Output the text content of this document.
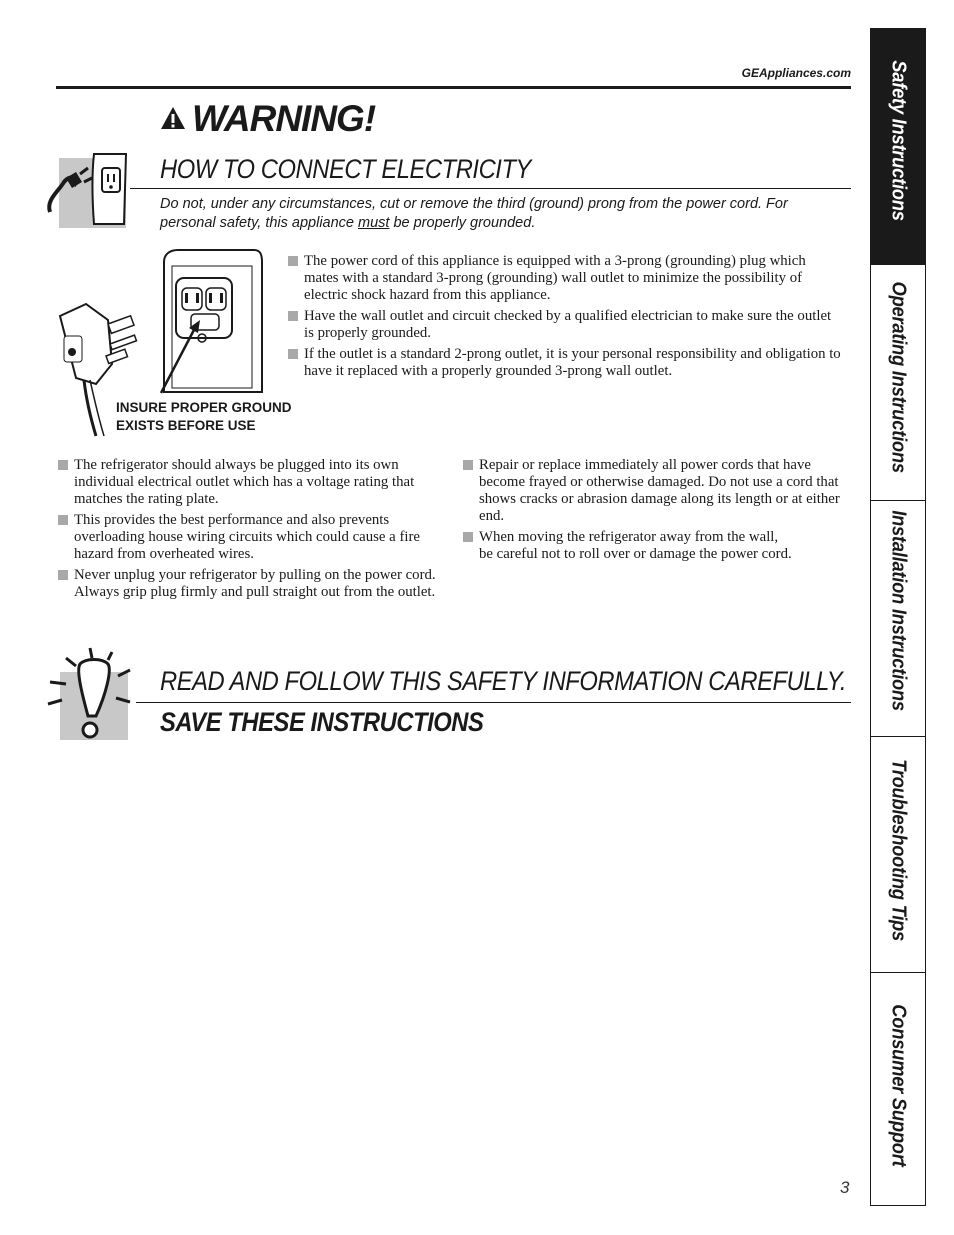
GEAppliances.com
WARNING!
HOW TO CONNECT ELECTRICITY
Do not, under any circumstances, cut or remove the third (ground) prong from the power cord. For personal safety, this appliance must be properly grounded.
INSURE PROPER GROUND
EXISTS BEFORE USE
The power cord of this appliance is equipped with a 3-prong (grounding) plug which mates with a standard 3-prong (grounding) wall outlet to minimize the possibility of electric shock hazard from this appliance.
Have the wall outlet and circuit checked by a qualified electrician to make sure the outlet is properly grounded.
If the outlet is a standard 2-prong outlet, it is your personal responsibility and obligation to have it replaced with a properly grounded 3-prong wall outlet.
The refrigerator should always be plugged into its own individual electrical outlet which has a voltage rating that matches the rating plate.
This provides the best performance and also prevents overloading house wiring circuits which could cause a fire hazard from overheated wires.
Never unplug your refrigerator by pulling on the power cord. Always grip plug firmly and pull straight out from the outlet.
Repair or replace immediately all power cords that have become frayed or otherwise damaged. Do not use a cord that shows cracks or abrasion damage along its length or at either end.
When moving the refrigerator away from the wall, be careful not to roll over or damage the power cord.
READ AND FOLLOW THIS SAFETY INFORMATION CAREFULLY.
SAVE THESE INSTRUCTIONS
Safety Instructions
Operating Instructions
Installation Instructions
Troubleshooting Tips
Consumer Support
3
